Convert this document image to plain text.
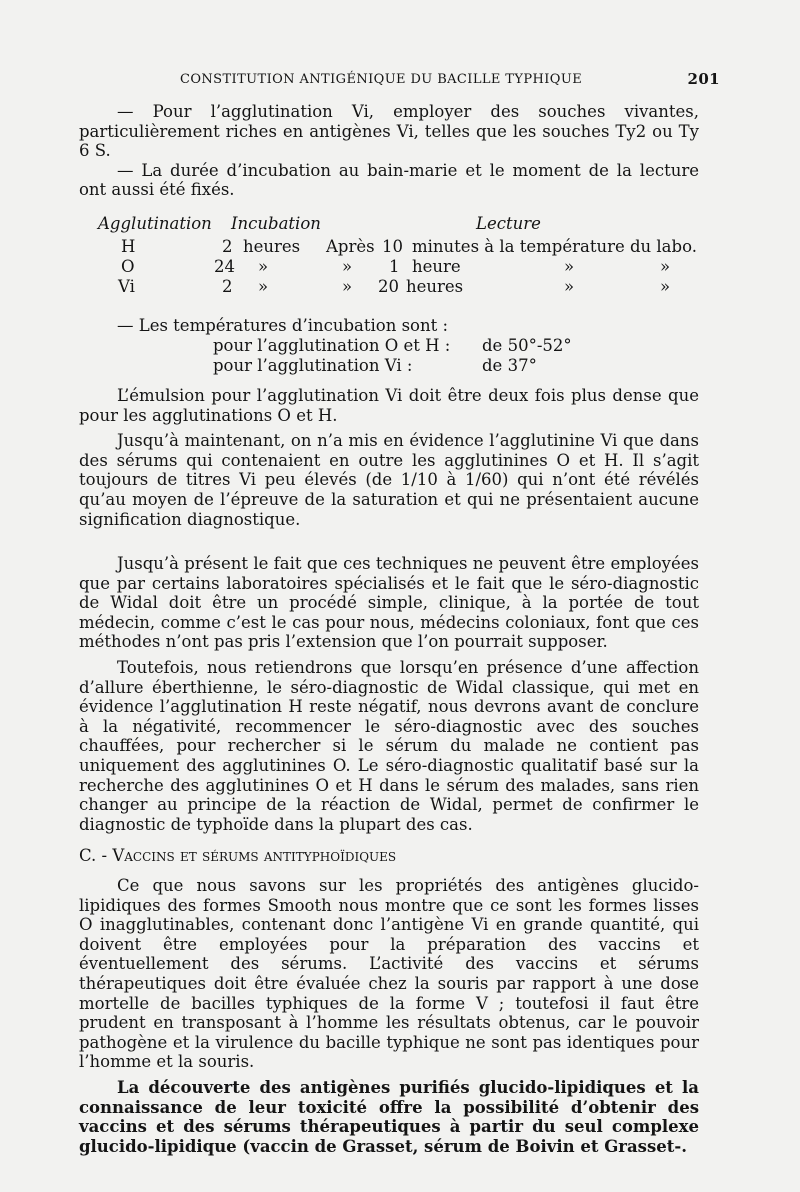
CONSTITUTION ANTIGÉNIQUE DU BACILLE TYPHIQUE	201

— Pour l’agglutination Vi, employer des souches vivantes, particulièrement riches en antigènes Vi, telles que les souches Ty2 ou Ty 6 S.

— La durée d’incubation au bain-marie et le moment de la lecture ont aussi été fixés.

Agglutination Incubation	Lecture
H	2 heures Après 10 minutes à la température du labo.
O	24 »	» 1 heure	»	»
Vi	2 »	» 20 heures	»	»
— Les températures d’incubation sont :
pour l’agglutination O et H : de 50°-52°
pour l’agglutination Vi :	de 37°

L’émulsion pour l’agglutination Vi doit être deux fois plus dense que pour les agglutinations O et H.

Jusqu’à maintenant, on n’a mis en évidence l’agglutinine Vi que dans des sérums qui contenaient en outre les agglutinines O et H. Il s’agit toujours de titres Vi peu élevés (de 1/10 à 1/60) qui n’ont été révélés qu’au moyen de l’épreuve de la saturation et qui ne présentaient aucune signification diagnostique.

Jusqu’à présent le fait que ces techniques ne peuvent être employées que par certains laboratoires spécialisés et le fait que le séro-diagnostic de Widal doit être un procédé simple, clinique, à la portée de tout médecin, comme c’est le cas pour nous, médecins coloniaux, font que ces méthodes n’ont pas pris l’extension que l’on pourrait supposer.

Toutefois, nous retiendrons que lorsqu’en présence d’une affection d’allure éberthienne, le séro-diagnostic de Widal classique, qui met en évidence l’agglutination H reste négatif, nous devrons avant de conclure à la négativité, recommencer le séro-diagnostic avec des souches chauffées, pour rechercher si le sérum du malade ne contient pas uniquement des agglutinines O. Le séro-diagnostic qualitatif basé sur la recherche des agglutinines O et H dans le sérum des malades, sans rien changer au principe de la réaction de Widal, permet de confirmer le diagnostic de typhoïde dans la plupart des cas.

C. - Vaccins et sérums antityphoïdiques

Ce que nous savons sur les propriétés des antigènes glucido-lipidiques des formes Smooth nous montre que ce sont les formes lisses O inagglutinables, contenant donc l’antigène Vi en grande quantité, qui doivent être employées pour la préparation des vaccins et éventuellement des sérums. L’activité des vaccins et sérums thérapeutiques doit être évaluée chez la souris par rapport à une dose mortelle de bacilles typhiques de la forme V ; toutefosi il faut être prudent en transposant à l’homme les résultats obtenus, car le pouvoir pathogène et la virulence du bacille typhique ne sont pas identiques pour l’homme et la souris.

La découverte des antigènes purifiés glucido-lipidiques et la connaissance de leur toxicité offre la possibilité d’obtenir des vaccins et des sérums thérapeutiques à partir du seul complexe glucido-lipidique (vaccin de Grasset, sérum de Boivin et Grasset-.
